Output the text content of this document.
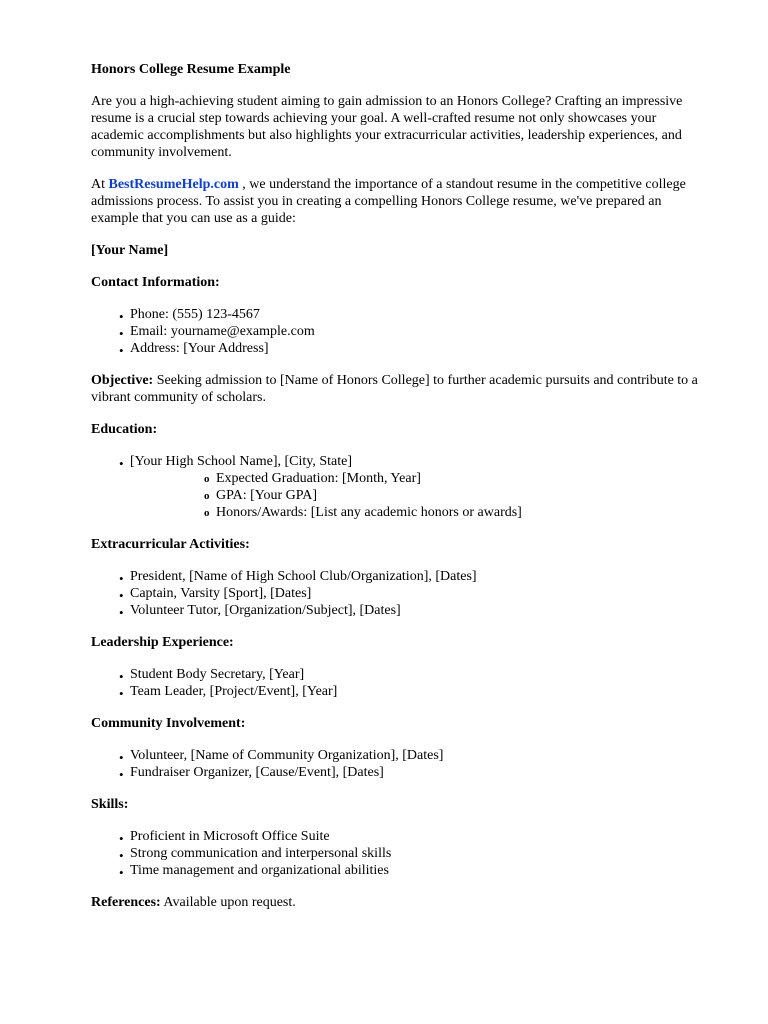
Honors College Resume Example

Are you a high-achieving student aiming to gain admission to an Honors College? Crafting an impressive resume is a crucial step towards achieving your goal. A well-crafted resume not only showcases your academic accomplishments but also highlights your extracurricular activities, leadership experiences, and community involvement.

At BestResumeHelp.com , we understand the importance of a standout resume in the competitive college admissions process. To assist you in creating a compelling Honors College resume, we've prepared an example that you can use as a guide:

[Your Name]

Contact Information:

• Phone: (555) 123-4567
• Email: yourname@example.com
• Address: [Your Address]

Objective: Seeking admission to [Name of Honors College] to further academic pursuits and contribute to a vibrant community of scholars.

Education:

• [Your High School Name], [City, State]
o Expected Graduation: [Month, Year]
o GPA: [Your GPA]
o Honors/Awards: [List any academic honors or awards]

Extracurricular Activities:

• President, [Name of High School Club/Organization], [Dates]
• Captain, Varsity [Sport], [Dates]
• Volunteer Tutor, [Organization/Subject], [Dates]

Leadership Experience:

• Student Body Secretary, [Year]
• Team Leader, [Project/Event], [Year]

Community Involvement:

• Volunteer, [Name of Community Organization], [Dates]
• Fundraiser Organizer, [Cause/Event], [Dates]

Skills:

• Proficient in Microsoft Office Suite
• Strong communication and interpersonal skills
• Time management and organizational abilities

References: Available upon request.
